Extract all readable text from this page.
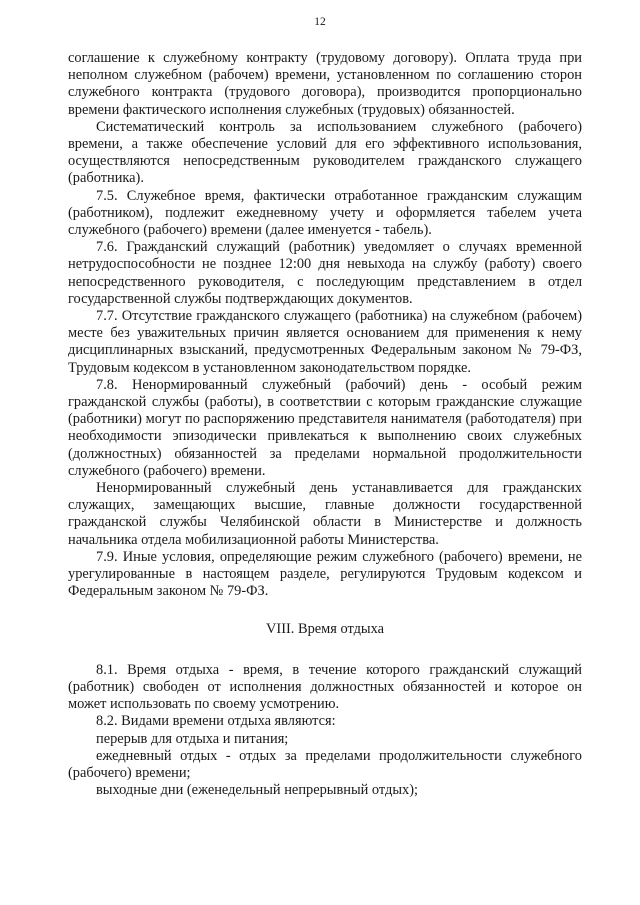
12

соглашение к служебному контракту (трудовому договору). Оплата труда при неполном служебном (рабочем) времени, установленном по соглашению сторон служебного контракта (трудового договора), производится пропорционально времени фактического исполнения служебных (трудовых) обязанностей.

Систематический контроль за использованием служебного (рабочего) времени, а также обеспечение условий для его эффективного использования, осуществляются непосредственным руководителем гражданского служащего (работника).

7.5. Служебное время, фактически отработанное гражданским служащим (работником), подлежит ежедневному учету и оформляется табелем учета служебного (рабочего) времени (далее именуется - табель).

7.6. Гражданский служащий (работник) уведомляет о случаях временной нетрудоспособности не позднее 12:00 дня невыхода на службу (работу) своего непосредственного руководителя, с последующим представлением в отдел государственной службы подтверждающих документов.

7.7. Отсутствие гражданского служащего (работника) на служебном (рабочем) месте без уважительных причин является основанием для применения к нему дисциплинарных взысканий, предусмотренных Федеральным законом № 79-ФЗ, Трудовым кодексом в установленном законодательством порядке.

7.8. Ненормированный служебный (рабочий) день - особый режим гражданской службы (работы), в соответствии с которым гражданские служащие (работники) могут по распоряжению представителя нанимателя (работодателя) при необходимости эпизодически привлекаться к выполнению своих служебных (должностных) обязанностей за пределами нормальной продолжительности служебного (рабочего) времени.

Ненормированный служебный день устанавливается для гражданских служащих, замещающих высшие, главные должности государственной гражданской службы Челябинской области в Министерстве и должность начальника отдела мобилизационной работы Министерства.

7.9. Иные условия, определяющие режим служебного (рабочего) времени, не урегулированные в настоящем разделе, регулируются Трудовым кодексом и Федеральным законом № 79-ФЗ.

VIII. Время отдыха

8.1. Время отдыха - время, в течение которого гражданский служащий (работник) свободен от исполнения должностных обязанностей и которое он может использовать по своему усмотрению.

8.2. Видами времени отдыха являются:

перерыв для отдыха и питания;

ежедневный отдых - отдых за пределами продолжительности служебного (рабочего) времени;

выходные дни (еженедельный непрерывный отдых);
